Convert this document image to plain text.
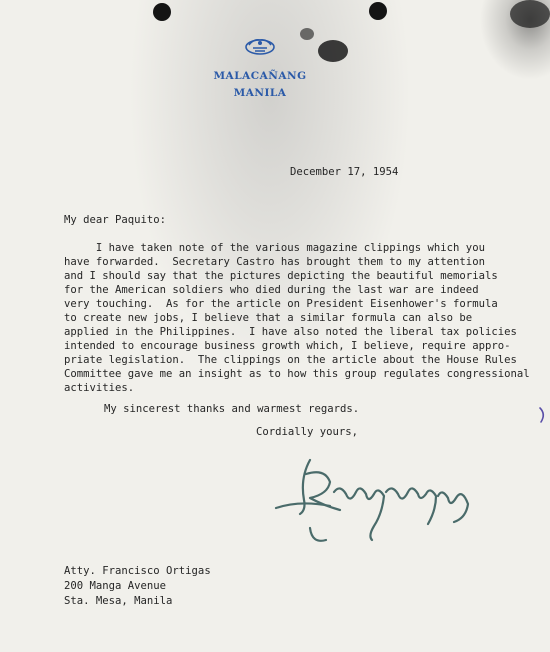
MALACAÑANG
MANILA
December 17, 1954
My dear Paquito:
I have taken note of the various magazine clippings which you
have forwarded.  Secretary Castro has brought them to my attention
and I should say that the pictures depicting the beautiful memorials
for the American soldiers who died during the last war are indeed
very touching.  As for the article on President Eisenhower's formula
to create new jobs, I believe that a similar formula can also be
applied in the Philippines.  I have also noted the liberal tax policies
intended to encourage business growth which, I believe, require appro-
priate legislation.  The clippings on the article about the House Rules
Committee gave me an insight as to how this group regulates congressional
activities.
My sincerest thanks and warmest regards.
Cordially yours,
Atty. Francisco Ortigas
200 Manga Avenue
Sta. Mesa, Manila
